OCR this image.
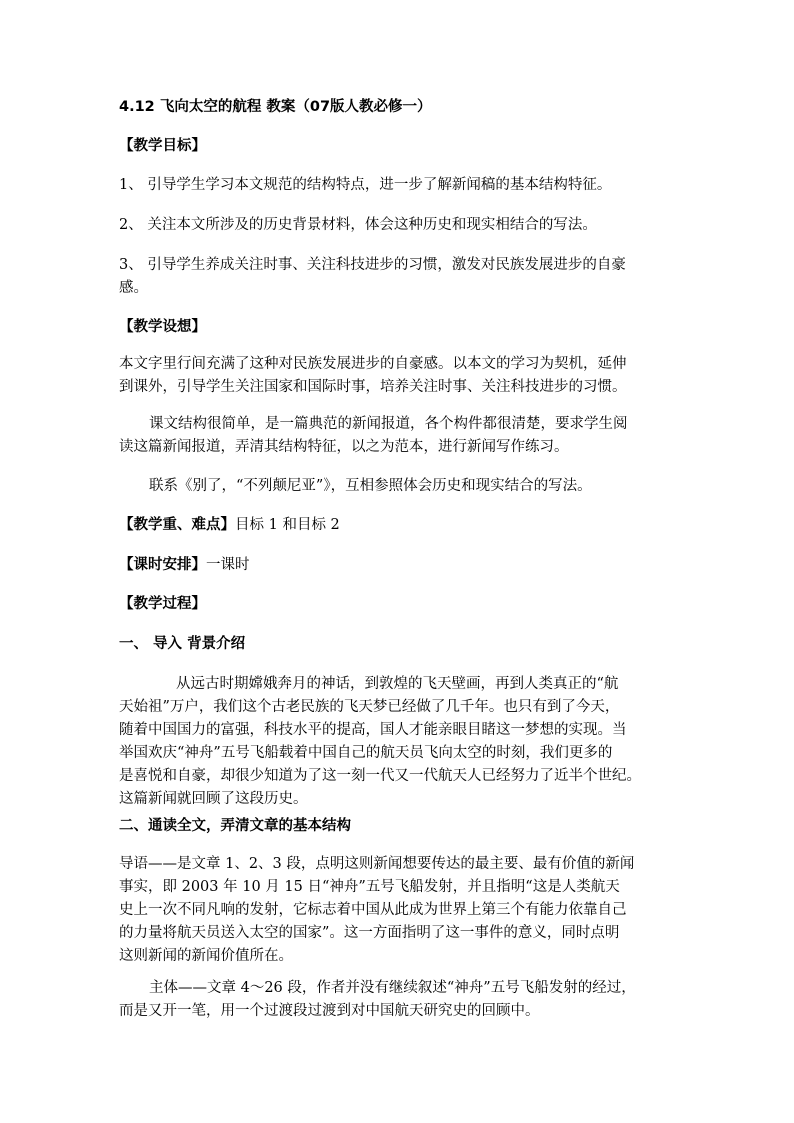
4.12 飞向太空的航程 教案（07版人教必修一）
【教学目标】
1、 引导学生学习本文规范的结构特点，进一步了解新闻稿的基本结构特征。
2、 关注本文所涉及的历史背景材料，体会这种历史和现实相结合的写法。
3、 引导学生养成关注时事、关注科技进步的习惯，激发对民族发展进步的自豪
感。
【教学设想】
本文字里行间充满了这种对民族发展进步的自豪感。以本文的学习为契机，延伸
到课外，引导学生关注国家和国际时事，培养关注时事、关注科技进步的习惯。
课文结构很简单，是一篇典范的新闻报道，各个构件都很清楚，要求学生阅
读这篇新闻报道，弄清其结构特征，以之为范本，进行新闻写作练习。
联系《别了，“不列颠尼亚”》，互相参照体会历史和现实结合的写法。
【教学重、难点】目标 1 和目标 2
【课时安排】一课时
【教学过程】
一、 导入 背景介绍
从远古时期嫦娥奔月的神话，到敦煌的飞天壁画，再到人类真正的“航
天始祖”万户，我们这个古老民族的飞天梦已经做了几千年。也只有到了今天，
随着中国国力的富强，科技水平的提高，国人才能亲眼目睹这一梦想的实现。当
举国欢庆“神舟”五号飞船载着中国自己的航天员飞向太空的时刻，我们更多的
是喜悦和自豪，却很少知道为了这一刻一代又一代航天人已经努力了近半个世纪。
这篇新闻就回顾了这段历史。
二、通读全文，弄清文章的基本结构
导语——是文章 1、2、3 段，点明这则新闻想要传达的最主要、最有价值的新闻
事实，即 2003 年 10 月 15 日“神舟”五号飞船发射，并且指明“这是人类航天
史上一次不同凡响的发射，它标志着中国从此成为世界上第三个有能力依靠自己
的力量将航天员送入太空的国家”。这一方面指明了这一事件的意义，同时点明
这则新闻的新闻价值所在。
主体——文章 4～26 段，作者并没有继续叙述“神舟”五号飞船发射的经过，
而是又开一笔，用一个过渡段过渡到对中国航天研究史的回顾中。
